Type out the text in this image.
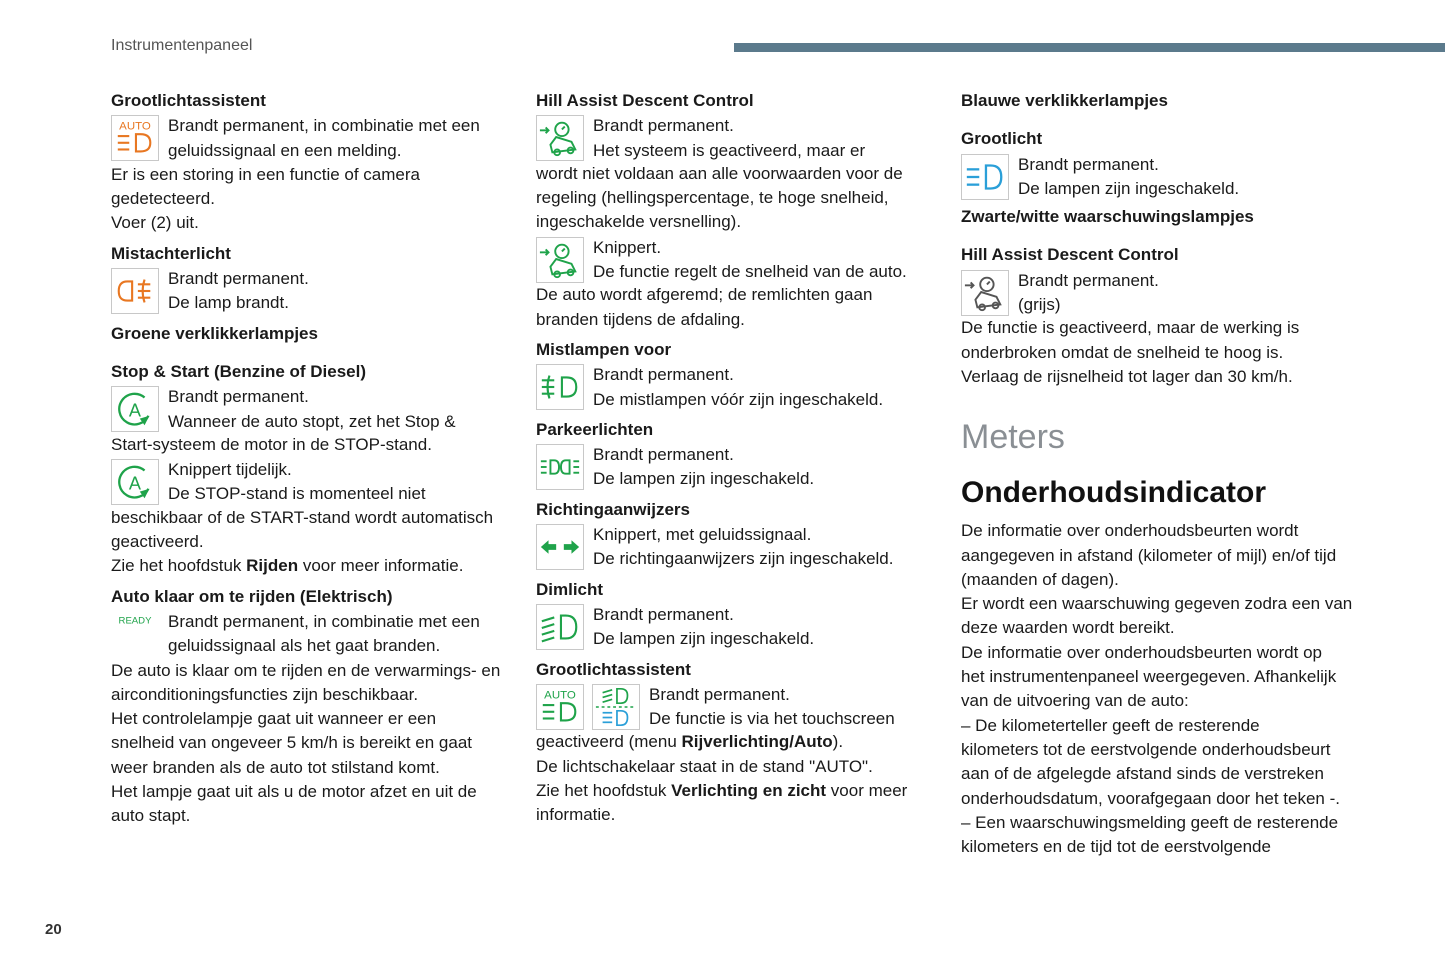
Instrumentenpaneel
20

Grootlichtassistent

AUTO Brandt permanent, in combinatie met een

geluidssignaal en een melding.

Er is een storing in een functie of camera

gedetecteerd.

Voer (2) uit.

Mistachterlicht

Brandt permanent.

De lamp brandt.

Groene verklikkerlampjes

Stop & Start (Benzine of Diesel)

A

Brandt permanent.

Wanneer de auto stopt, zet het Stop &

Start-systeem de motor in de STOP-stand.

A

Knippert tijdelijk.

De STOP-stand is momenteel niet

beschikbaar of de START-stand wordt automatisch

geactiveerd.

Zie het hoofdstuk Rijden voor meer informatie.

Auto klaar om te rijden (Elektrisch)

READY Brandt permanent, in combinatie met een

geluidssignaal als het gaat branden.

De auto is klaar om te rijden en de verwarmings- en

airconditioningsfuncties zijn beschikbaar.

Het controlelampje gaat uit wanneer er een

snelheid van ongeveer 5 km/h is bereikt en gaat

weer branden als de auto tot stilstand komt.

Het lampje gaat uit als u de motor afzet en uit de

auto stapt.

Hill Assist Descent Control

Brandt permanent.

Het systeem is geactiveerd, maar er

wordt niet voldaan aan alle voorwaarden voor de

regeling (hellingspercentage, te hoge snelheid,

ingeschakelde versnelling).

Knippert.

De functie regelt de snelheid van de auto.

De auto wordt afgeremd; de remlichten gaan

branden tijdens de afdaling.

Mistlampen voor

Brandt permanent.

De mistlampen vóór zijn ingeschakeld.

Parkeerlichten

Brandt permanent.

De lampen zijn ingeschakeld.

Richtingaanwijzers

Knippert, met geluidssignaal.

De richtingaanwijzers zijn ingeschakeld.

Dimlicht

Brandt permanent.

De lampen zijn ingeschakeld.

Grootlichtassistent

AUTO	Brandt permanent.

De functie is via het touchscreen

geactiveerd (menu Rijverlichting/Auto).

De lichtschakelaar staat in de stand "AUTO".

Zie het hoofdstuk Verlichting en zicht voor meer

informatie.

Blauwe verklikkerlampjes

Grootlicht

Brandt permanent.

De lampen zijn ingeschakeld.

Zwarte/witte waarschuwingslampjes

Hill Assist Descent Control

Brandt permanent.

(grijs)

De functie is geactiveerd, maar de werking is

onderbroken omdat de snelheid te hoog is.

Verlaag de rijsnelheid tot lager dan 30 km/h.

Meters

Onderhoudsindicator

De informatie over onderhoudsbeurten wordt

aangegeven in afstand (kilometer of mijl) en/of tijd

(maanden of dagen).

Er wordt een waarschuwing gegeven zodra een van

deze waarden wordt bereikt.

De informatie over onderhoudsbeurten wordt op

het instrumentenpaneel weergegeven. Afhankelijk

van de uitvoering van de auto:

– De kilometerteller geeft de resterende

kilometers tot de eerstvolgende onderhoudsbeurt

aan of de afgelegde afstand sinds de verstreken

onderhoudsdatum, voorafgegaan door het teken -.

– Een waarschuwingsmelding geeft de resterende

kilometers en de tijd tot de eerstvolgende
